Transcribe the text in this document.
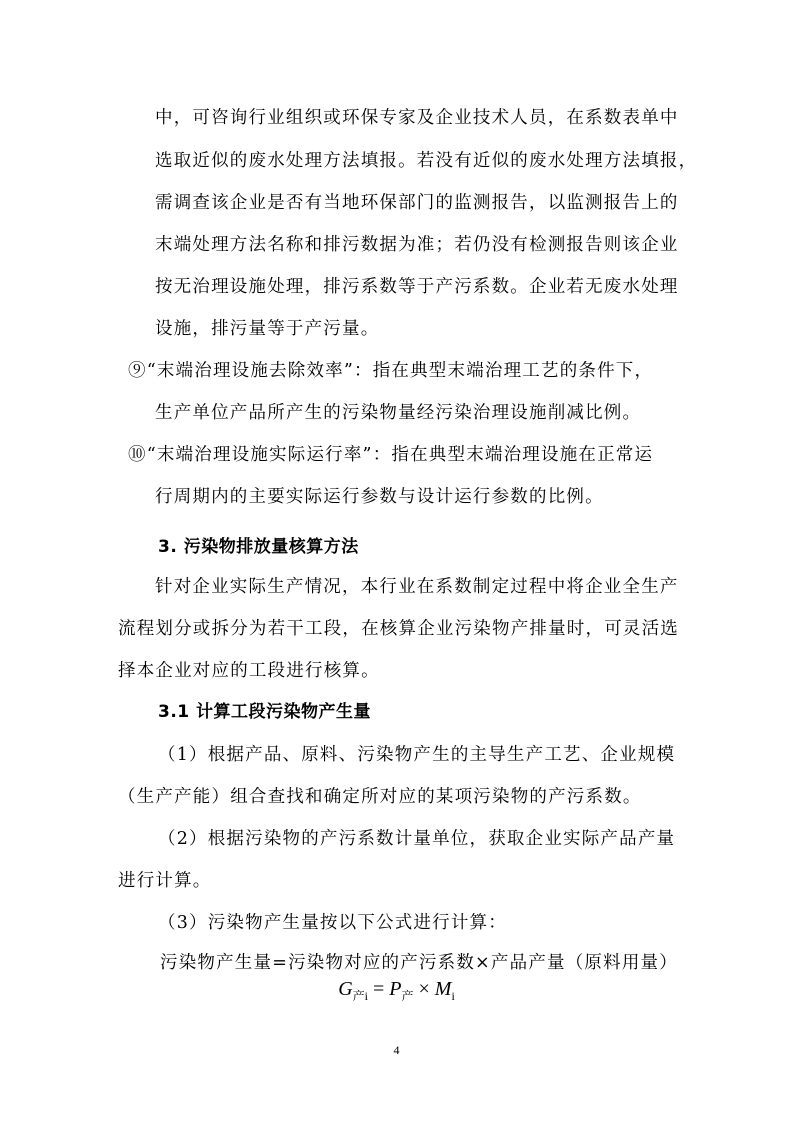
中，可咨询行业组织或环保专家及企业技术人员，在系数表单中
选取近似的废水处理方法填报。若没有近似的废水处理方法填报，
需调查该企业是否有当地环保部门的监测报告，以监测报告上的
末端处理方法名称和排污数据为准；若仍没有检测报告则该企业
按无治理设施处理，排污系数等于产污系数。企业若无废水处理
设施，排污量等于产污量。
⑨“末端治理设施去除效率”：指在典型末端治理工艺的条件下，
生产单位产品所产生的污染物量经污染治理设施削减比例。
⑩“末端治理设施实际运行率”：指在典型末端治理设施在正常运
行周期内的主要实际运行参数与设计运行参数的比例。
3. 污染物排放量核算方法
针对企业实际生产情况，本行业在系数制定过程中将企业全生产
流程划分或拆分为若干工段，在核算企业污染物产排量时，可灵活选
择本企业对应的工段进行核算。
3.1 计算工段污染物产生量
（1）根据产品、原料、污染物产生的主导生产工艺、企业规模
（生产产能）组合查找和确定所对应的某项污染物的产污系数。
（2）根据污染物的产污系数计量单位，获取企业实际产品产量
进行计算。
（3）污染物产生量按以下公式进行计算：
污染物产生量=污染物对应的产污系数×产品产量（原料用量）
$G_{产i} = P_产 \times M_i$
4
